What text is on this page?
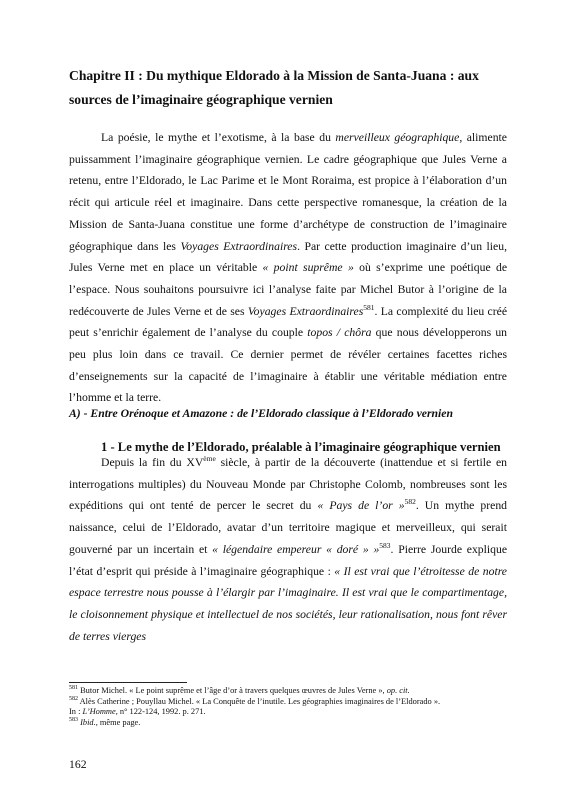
Chapitre II : Du mythique Eldorado à la Mission de Santa-Juana : aux sources de l’imaginaire géographique vernien

La poésie, le mythe et l’exotisme, à la base du merveilleux géographique, alimente puissamment l’imaginaire géographique vernien. Le cadre géographique que Jules Verne a retenu, entre l’Eldorado, le Lac Parime et le Mont Roraima, est propice à l’élaboration d’un récit qui articule réel et imaginaire. Dans cette perspective romanesque, la création de la Mission de Santa-Juana constitue une forme d’archétype de construction de l’imaginaire géographique dans les Voyages Extraordinaires. Par cette production imaginaire d’un lieu, Jules Verne met en place un véritable « point suprême » où s’exprime une poétique de l’espace. Nous souhaitons poursuivre ici l’analyse faite par Michel Butor à l’origine de la redécouverte de Jules Verne et de ses Voyages Extraordinaires$^{581}$. La complexité du lieu créé peut s’enrichir également de l’analyse du couple topos / chôra que nous développerons un peu plus loin dans ce travail. Ce dernier permet de révéler certaines facettes riches d’enseignements sur la capacité de l’imaginaire à établir une véritable médiation entre l’homme et la terre.

A) - Entre Orénoque et Amazone : de l’Eldorado classique à l’Eldorado vernien
1 - Le mythe de l’Eldorado, préalable à l’imaginaire géographique vernien

Depuis la fin du XVème siècle, à partir de la découverte (inattendue et si fertile en interrogations multiples) du Nouveau Monde par Christophe Colomb, nombreuses sont les expéditions qui ont tenté de percer le secret du « Pays de l’or »$^{582}$. Un mythe prend naissance, celui de l’Eldorado, avatar d’un territoire magique et merveilleux, qui serait gouverné par un incertain et « légendaire empereur « doré » »$^{583}$. Pierre Jourde explique l’état d’esprit qui préside à l’imaginaire géographique : « Il est vrai que l’étroitesse de notre espace terrestre nous pousse à l’élargir par l’imaginaire. Il est vrai que le compartimentage, le cloisonnement physique et intellectuel de nos sociétés, leur rationalisation, nous font rêver de terres vierges

$^{581}$ Butor Michel. « Le point suprême et l’âge d’or à travers quelques œuvres de Jules Verne », op. cit.

$^{582}$ Alès Catherine ; Pouyllau Michel. « La Conquête de l’inutile. Les géographies imaginaires de l’Eldorado ».
In : L’Homme, n° 122-124, 1992. p. 271.

$^{583}$ Ibid., même page.

162
